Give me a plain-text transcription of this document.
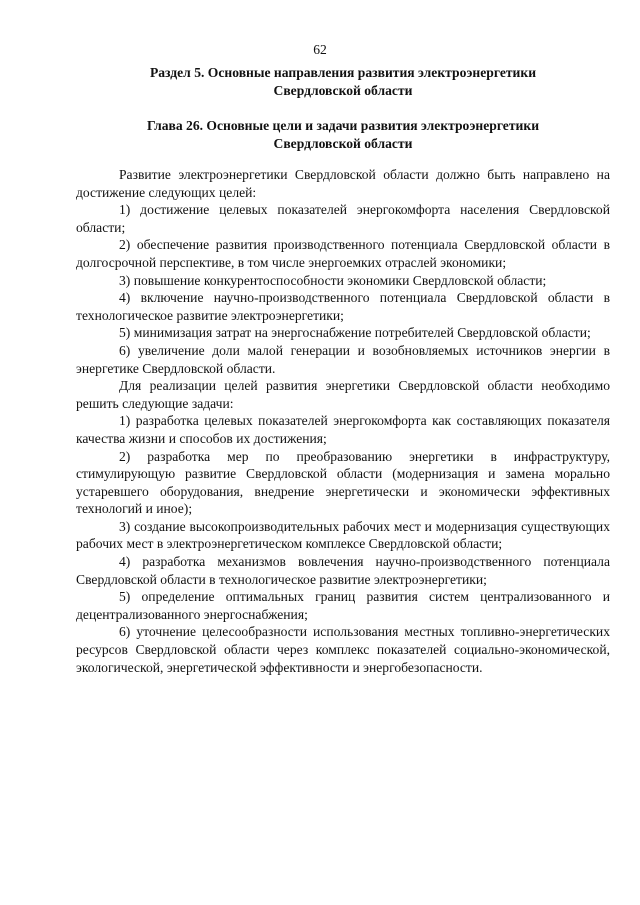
62
Раздел 5. Основные направления развития электроэнергетики
Свердловской области
Глава 26. Основные цели и задачи развития электроэнергетики
Свердловской области

Развитие электроэнергетики Свердловской области должно быть направлено на достижение следующих целей:

1) достижение целевых показателей энергокомфорта населения Свердловской области;

2) обеспечение развития производственного потенциала Свердловской области в долгосрочной перспективе, в том числе энергоемких отраслей экономики;

3) повышение конкурентоспособности экономики Свердловской области;

4) включение научно-производственного потенциала Свердловской области в технологическое развитие электроэнергетики;

5) минимизация затрат на энергоснабжение потребителей Свердловской области;

6) увеличение доли малой генерации и возобновляемых источников энергии в энергетике Свердловской области.

Для реализации целей развития энергетики Свердловской области необходимо решить следующие задачи:

1) разработка целевых показателей энергокомфорта как составляющих показателя качества жизни и способов их достижения;

2) разработка мер по преобразованию энергетики в инфраструктуру, стимулирующую развитие Свердловской области (модернизация и замена морально устаревшего оборудования, внедрение энергетически и экономически эффективных технологий и иное);

3) создание высокопроизводительных рабочих мест и модернизация существующих рабочих мест в электроэнергетическом комплексе Свердловской области;

4) разработка механизмов вовлечения научно-производственного потенциала Свердловской области в технологическое развитие электроэнергетики;

5) определение оптимальных границ развития систем централизованного и децентрализованного энергоснабжения;

6) уточнение целесообразности использования местных топливно-энергетических ресурсов Свердловской области через комплекс показателей социально-экономической, экологической, энергетической эффективности и энергобезопасности.
